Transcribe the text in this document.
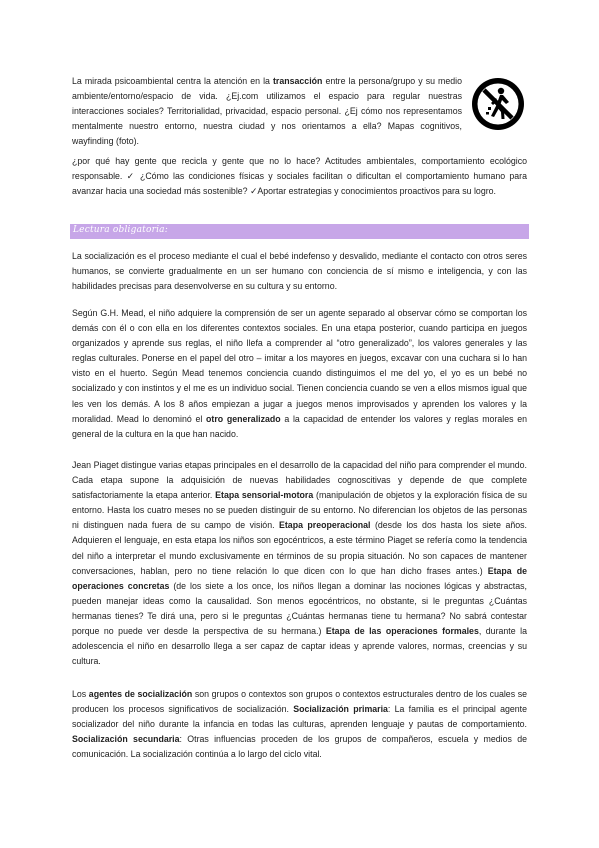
La mirada psicoambiental centra la atención en la transacción entre la persona/grupo y su medio ambiente/entorno/espacio de vida. ¿Ej.com utilizamos el espacio para regular nuestras interacciones sociales? Territorialidad, privacidad, espacio personal. ¿Ej cómo nos representamos mentalmente nuestro entorno, nuestra ciudad y nos orientamos a ella? Mapas cognitivos, wayfinding (foto).

¿por qué hay gente que recicla y gente que no lo hace? Actitudes ambientales, comportamiento ecológico responsable. ✓ ¿Cómo las condiciones físicas y sociales facilitan o dificultan el comportamiento humano para avanzar hacia una sociedad más sostenible? ✓Aportar estrategias y conocimientos proactivos para su logro.

Lectura obligatoria:

La socialización es el proceso mediante el cual el bebé indefenso y desvalido, mediante el contacto con otros seres humanos, se convierte gradualmente en un ser humano con conciencia de sí mismo e inteligencia, y con las habilidades precisas para desenvolverse en su cultura y su entorno.

Según G.H. Mead, el niño adquiere la comprensión de ser un agente separado al observar cómo se comportan los demás con él o con ella en los diferentes contextos sociales. En una etapa posterior, cuando participa en juegos organizados y aprende sus reglas, el niño llefa a comprender al “otro generalizado”, los valores generales y las reglas culturales. Ponerse en el papel del otro – imitar a los mayores en juegos, excavar con una cuchara si lo han visto en el huerto. Según Mead tenemos conciencia cuando distinguimos el me del yo, el yo es un bebé no socializado y con instintos y el me es un individuo social. Tienen conciencia cuando se ven a ellos mismos igual que les ven los demás. A los 8 años empiezan a jugar a juegos menos improvisados y aprenden los valores y la moralidad. Mead lo denominó el otro generalizado a la capacidad de entender los valores y reglas morales en general de la cultura en la que han nacido.

Jean Piaget distingue varias etapas principales en el desarrollo de la capacidad del niño para comprender el mundo. Cada etapa supone la adquisición de nuevas habilidades cognoscitivas y depende de que complete satisfactoriamente la etapa anterior. Etapa sensorial-motora (manipulación de objetos y la exploración física de su entorno. Hasta los cuatro meses no se pueden distinguir de su entorno. No diferencian los objetos de las personas ni distinguen nada fuera de su campo de visión. Etapa preoperacional (desde los dos hasta los siete años. Adquieren el lenguaje, en esta etapa los niños son egocéntricos, a este término Piaget se refería como la tendencia del niño a interpretar el mundo exclusivamente en términos de su propia situación. No son capaces de mantener conversaciones, hablan, pero no tiene relación lo que dicen con lo que han dicho frases antes.) Etapa de operaciones concretas (de los siete a los once, los niños llegan a dominar las nociones lógicas y abstractas, pueden manejar ideas como la causalidad. Son menos egocéntricos, no obstante, si le preguntas ¿Cuántas hermanas tienes? Te dirá una, pero si le preguntas ¿Cuántas hermanas tiene tu hermana? No sabrá contestar porque no puede ver desde la perspectiva de su hermana.) Etapa de las operaciones formales, durante la adolescencia el niño en desarrollo llega a ser capaz de captar ideas y aprende valores, normas, creencias y su cultura.

Los agentes de socialización son grupos o contextos son grupos o contextos estructurales dentro de los cuales se producen los procesos significativos de socialización. Socialización primaria: La familia es el principal agente socializador del niño durante la infancia en todas las culturas, aprenden lenguaje y pautas de comportamiento. Socialización secundaria: Otras influencias proceden de los grupos de compañeros, escuela y medios de comunicación. La socialización continúa a lo largo del ciclo vital.
